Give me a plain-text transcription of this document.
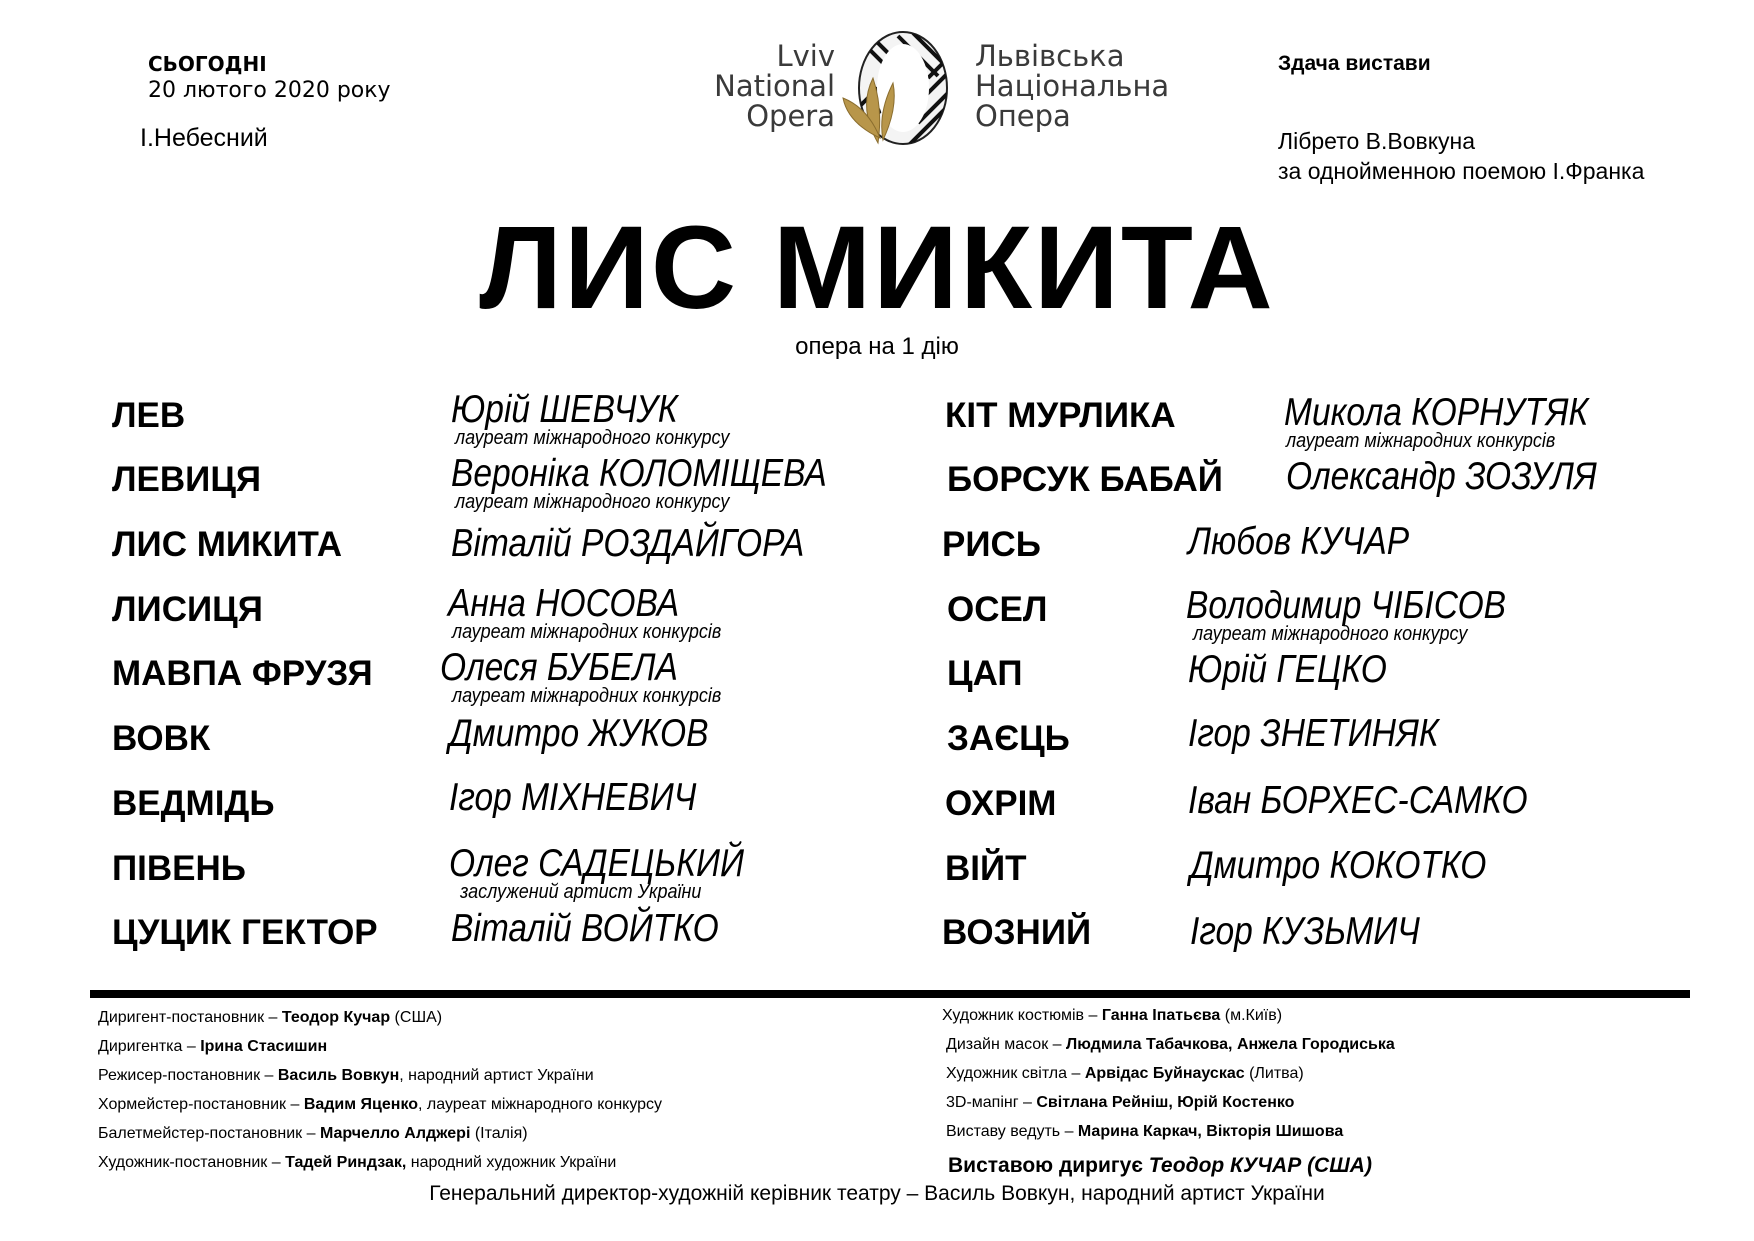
СЬОГОДНІ
20 лютого 2020 року
І.Небесний
Lviv
National
Opera
Львівська
Національна
Опера
Здача вистави
Лібрето В.Вовкуна
за однойменною поемою І.Франка
ЛИС МИКИТА
опера на 1 дію
ЛЕВ	Юрій ШЕВЧУК
лауреат міжнародного конкурсу
ЛЕВИЦЯ	Вероніка КОЛОМІЩЕВА
лауреат міжнародного конкурсу
ЛИС МИКИТА	Віталій РОЗДАЙГОРА
ЛИСИЦЯ	Анна НОСОВА
лауреат міжнародних конкурсів
МАВПА ФРУЗЯ Олеся БУБЕЛА
лауреат міжнародних конкурсів
ВОВК	Дмитро ЖУКОВ
ВЕДМІДЬ	Ігор МІХНЕВИЧ
ПІВЕНЬ	Олег САДЕЦЬКИЙ
заслужений артист України
ЦУЦИК ГЕКТОР Віталій ВОЙТКО
КІТ МУРЛИКА	Микола КОРНУТЯК
лауреат міжнародних конкурсів
БОРСУК БАБАЙ Олександр ЗОЗУЛЯ
РИСЬ	Любов КУЧАР
ОСЕЛ	Володимир ЧІБІСОВ
лауреат міжнародного конкурсу
ЦАП	Юрій ГЕЦКО
ЗАЄЦЬ	Ігор ЗНЕТИНЯК
ОХРІМ	Іван БОРХЕС-САМКО
ВІЙТ	Дмитро КОКОТКО
ВОЗНИЙ	Ігор КУЗЬМИЧ
Диригент-постановник – Теодор Кучар (США)
Диригентка – Ірина Стасишин
Режисер-постановник – Василь Вовкун, народний артист України
Хормейстер-постановник – Вадим Яценко, лауреат міжнародного конкурсу
Балетмейстер-постановник – Марчелло Алджері (Італія)
Художник-постановник – Тадей Риндзак, народний художник України
Художник костюмів – Ганна Іпатьєва (м.Київ)
Дизайн масок – Людмила Табачкова, Анжела Городиська
Художник світла – Арвідас Буйнаускас (Литва)
3D-мапінг – Світлана Рейніш, Юрій Костенко
Виставу ведуть – Марина Каркач, Вікторія Шишова
Виставою диригує Теодор КУЧАР (США)
Генеральний директор-художній керівник театру – Василь Вовкун, народний артист України
